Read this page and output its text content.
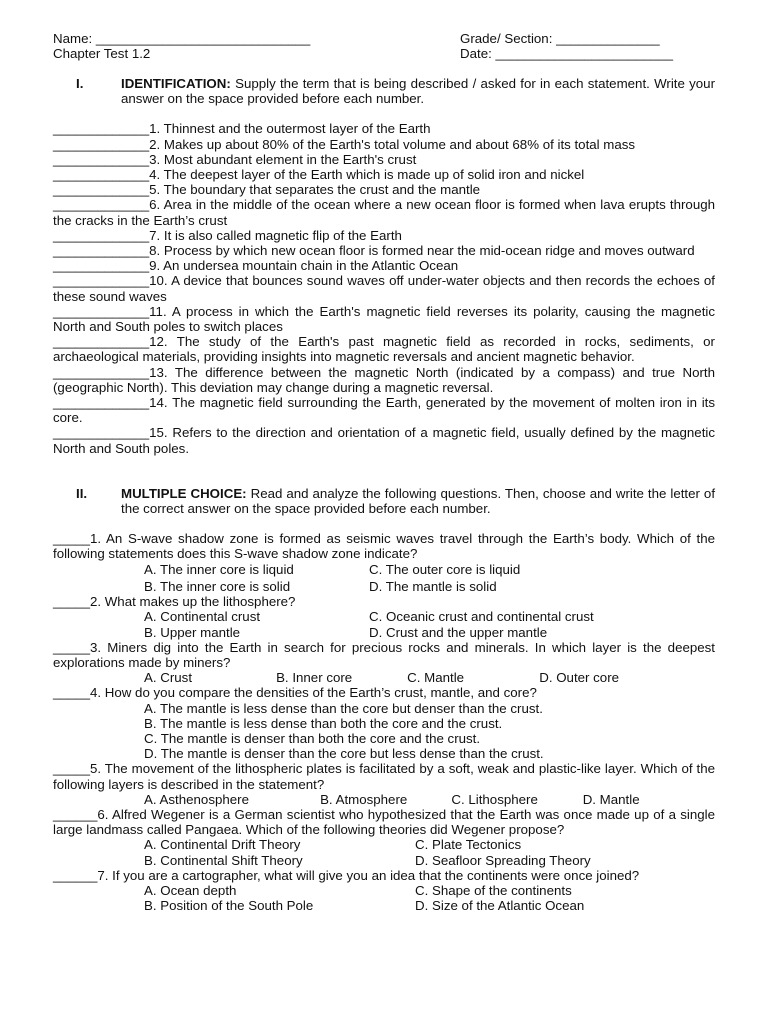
Name: _____________________________	Grade/ Section: ______________
Chapter Test 1.2	Date: ________________________
I.	IDENTIFICATION: Supply the term that is being described / asked for in each statement. Write your answer on the space provided before each number.
_____________1. Thinnest and the outermost layer of the Earth
_____________2. Makes up about 80% of the Earth's total volume and about 68% of its total mass
_____________3. Most abundant element in the Earth's crust
_____________4. The deepest layer of the Earth which is made up of solid iron and nickel
_____________5. The boundary that separates the crust and the mantle
_____________6. Area in the middle of the ocean where a new ocean floor is formed when lava erupts through the cracks in the Earth’s crust
_____________7. It is also called magnetic flip of the Earth
_____________8. Process by which new ocean floor is formed near the mid-ocean ridge and moves outward
_____________9. An undersea mountain chain in the Atlantic Ocean
_____________10. A device that bounces sound waves off under-water objects and then records the echoes of these sound waves
_____________11. A process in which the Earth's magnetic field reverses its polarity, causing the magnetic North and South poles to switch places
_____________12. The study of the Earth's past magnetic field as recorded in rocks, sediments, or archaeological materials, providing insights into magnetic reversals and ancient magnetic behavior.
_____________13. The difference between the magnetic North (indicated by a compass) and true North (geographic North). This deviation may change during a magnetic reversal.
_____________14. The magnetic field surrounding the Earth, generated by the movement of molten iron in its core.
_____________15. Refers to the direction and orientation of a magnetic field, usually defined by the magnetic North and South poles.
II.	MULTIPLE CHOICE: Read and analyze the following questions. Then, choose and write the letter of the correct answer on the space provided before each number.
_____1. An S-wave shadow zone is formed as seismic waves travel through the Earth’s body. Which of the following statements does this S-wave shadow zone indicate?
A. The inner core is liquid	C. The outer core is liquid
B. The inner core is solid	D. The mantle is solid
_____2. What makes up the lithosphere?
A. Continental crust	C. Oceanic crust and continental crust
B. Upper mantle	D. Crust and the upper mantle
_____3. Miners dig into the Earth in search for precious rocks and minerals. In which layer is the deepest explorations made by miners?
A. Crust	B. Inner core	C. Mantle	D. Outer core
_____4. How do you compare the densities of the Earth’s crust, mantle, and core?
A. The mantle is less dense than the core but denser than the crust.
B. The mantle is less dense than both the core and the crust.
C. The mantle is denser than both the core and the crust.
D. The mantle is denser than the core but less dense than the crust.
_____5. The movement of the lithospheric plates is facilitated by a soft, weak and plastic-like layer. Which of the following layers is described in the statement?
A. Asthenosphere	B. Atmosphere	C. Lithosphere	D. Mantle
______6. Alfred Wegener is a German scientist who hypothesized that the Earth was once made up of a single large landmass called Pangaea. Which of the following theories did Wegener propose?
A. Continental Drift Theory	C. Plate Tectonics
B. Continental Shift Theory	D. Seafloor Spreading Theory
______7. If you are a cartographer, what will give you an idea that the continents were once joined?
A. Ocean depth	C. Shape of the continents
B. Position of the South Pole	D. Size of the Atlantic Ocean
